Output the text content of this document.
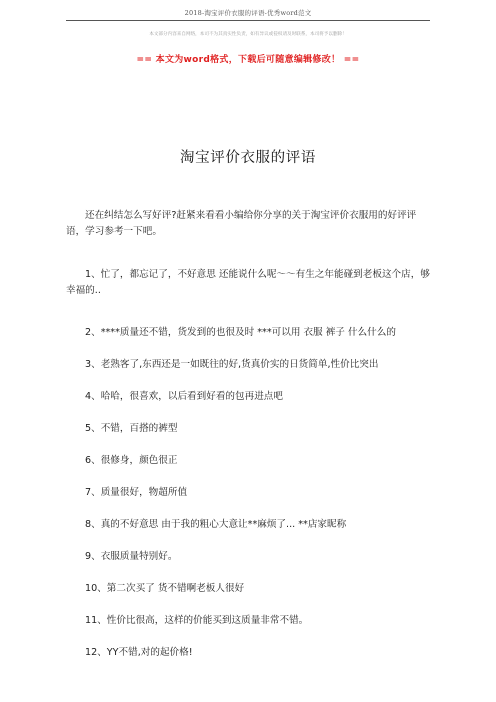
2018-淘宝评价衣服的评语-优秀word范文
本文部分内容来自网络，本司不为其真实性负责，如有异议或侵权请及时联系，本司将予以删除！
== 本文为word格式，下载后可随意编辑修改！ ==
淘宝评价衣服的评语

还在纠结怎么写好评?赶紧来看看小编给你分享的关于淘宝评价衣服用的好评评语，学习参考一下吧。

1、忙了，都忘记了，不好意思 还能说什么呢～～有生之年能碰到老板这个店，够幸福的..
2、****质量还不错，货发到的也很及时 ***可以用 衣服 裤子 什么什么的
3、老熟客了,东西还是一如既往的好,货真价实的日货简单,性价比突出
4、哈哈，很喜欢，以后看到好看的包再进点吧
5、不错，百搭的裤型
6、很修身，颜色很正
7、质量很好，物超所值
8、真的不好意思 由于我的粗心大意让**麻烦了... **店家昵称
9、衣服质量特别好。
10、第二次买了 货不错啊老板人很好
11、性价比很高，这样的价能买到这质量非常不错。
12、YY不错,对的起价格!
